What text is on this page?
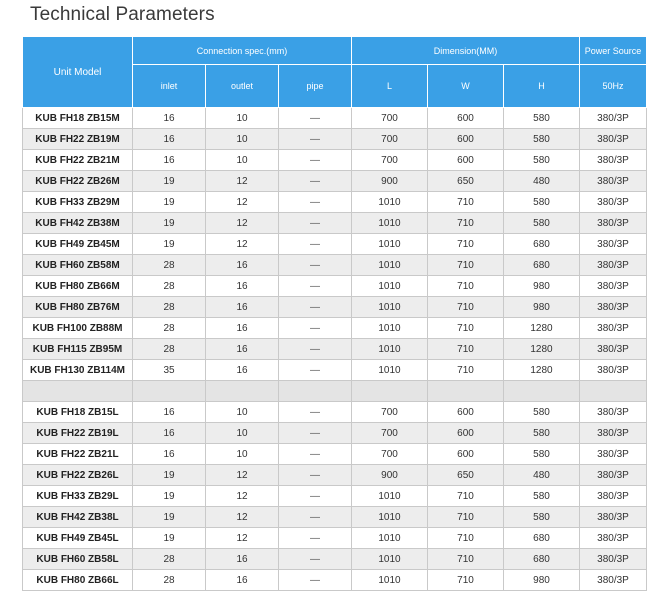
Technical Parameters
Unit Model	Connection spec.(mm)			Dimension(MM)			Power Source
	inlet	outlet	pipe	L	W	H	50Hz
KUB FH18 ZB15M	16	10	—	700	600	580	380/3P
KUB FH22 ZB19M	16	10	—	700	600	580	380/3P
KUB FH22 ZB21M	16	10	—	700	600	580	380/3P
KUB FH22 ZB26M	19	12	—	900	650	480	380/3P
KUB FH33 ZB29M	19	12	—	1010	710	580	380/3P
KUB FH42 ZB38M	19	12	—	1010	710	580	380/3P
KUB FH49 ZB45M	19	12	—	1010	710	680	380/3P
KUB FH60 ZB58M	28	16	—	1010	710	680	380/3P
KUB FH80 ZB66M	28	16	—	1010	710	980	380/3P
KUB FH80 ZB76M	28	16	—	1010	710	980	380/3P
KUB FH100 ZB88M	28	16	—	1010	710	1280	380/3P
KUB FH115 ZB95M	28	16	—	1010	710	1280	380/3P
KUB FH130 ZB114M	35	16	—	1010	710	1280	380/3P

KUB FH18 ZB15L	16	10	—	700	600	580	380/3P
KUB FH22 ZB19L	16	10	—	700	600	580	380/3P
KUB FH22 ZB21L	16	10	—	700	600	580	380/3P
KUB FH22 ZB26L	19	12	—	900	650	480	380/3P
KUB FH33 ZB29L	19	12	—	1010	710	580	380/3P
KUB FH42 ZB38L	19	12	—	1010	710	580	380/3P
KUB FH49 ZB45L	19	12	—	1010	710	680	380/3P
KUB FH60 ZB58L	28	16	—	1010	710	680	380/3P
KUB FH80 ZB66L	28	16	—	1010	710	980	380/3P
